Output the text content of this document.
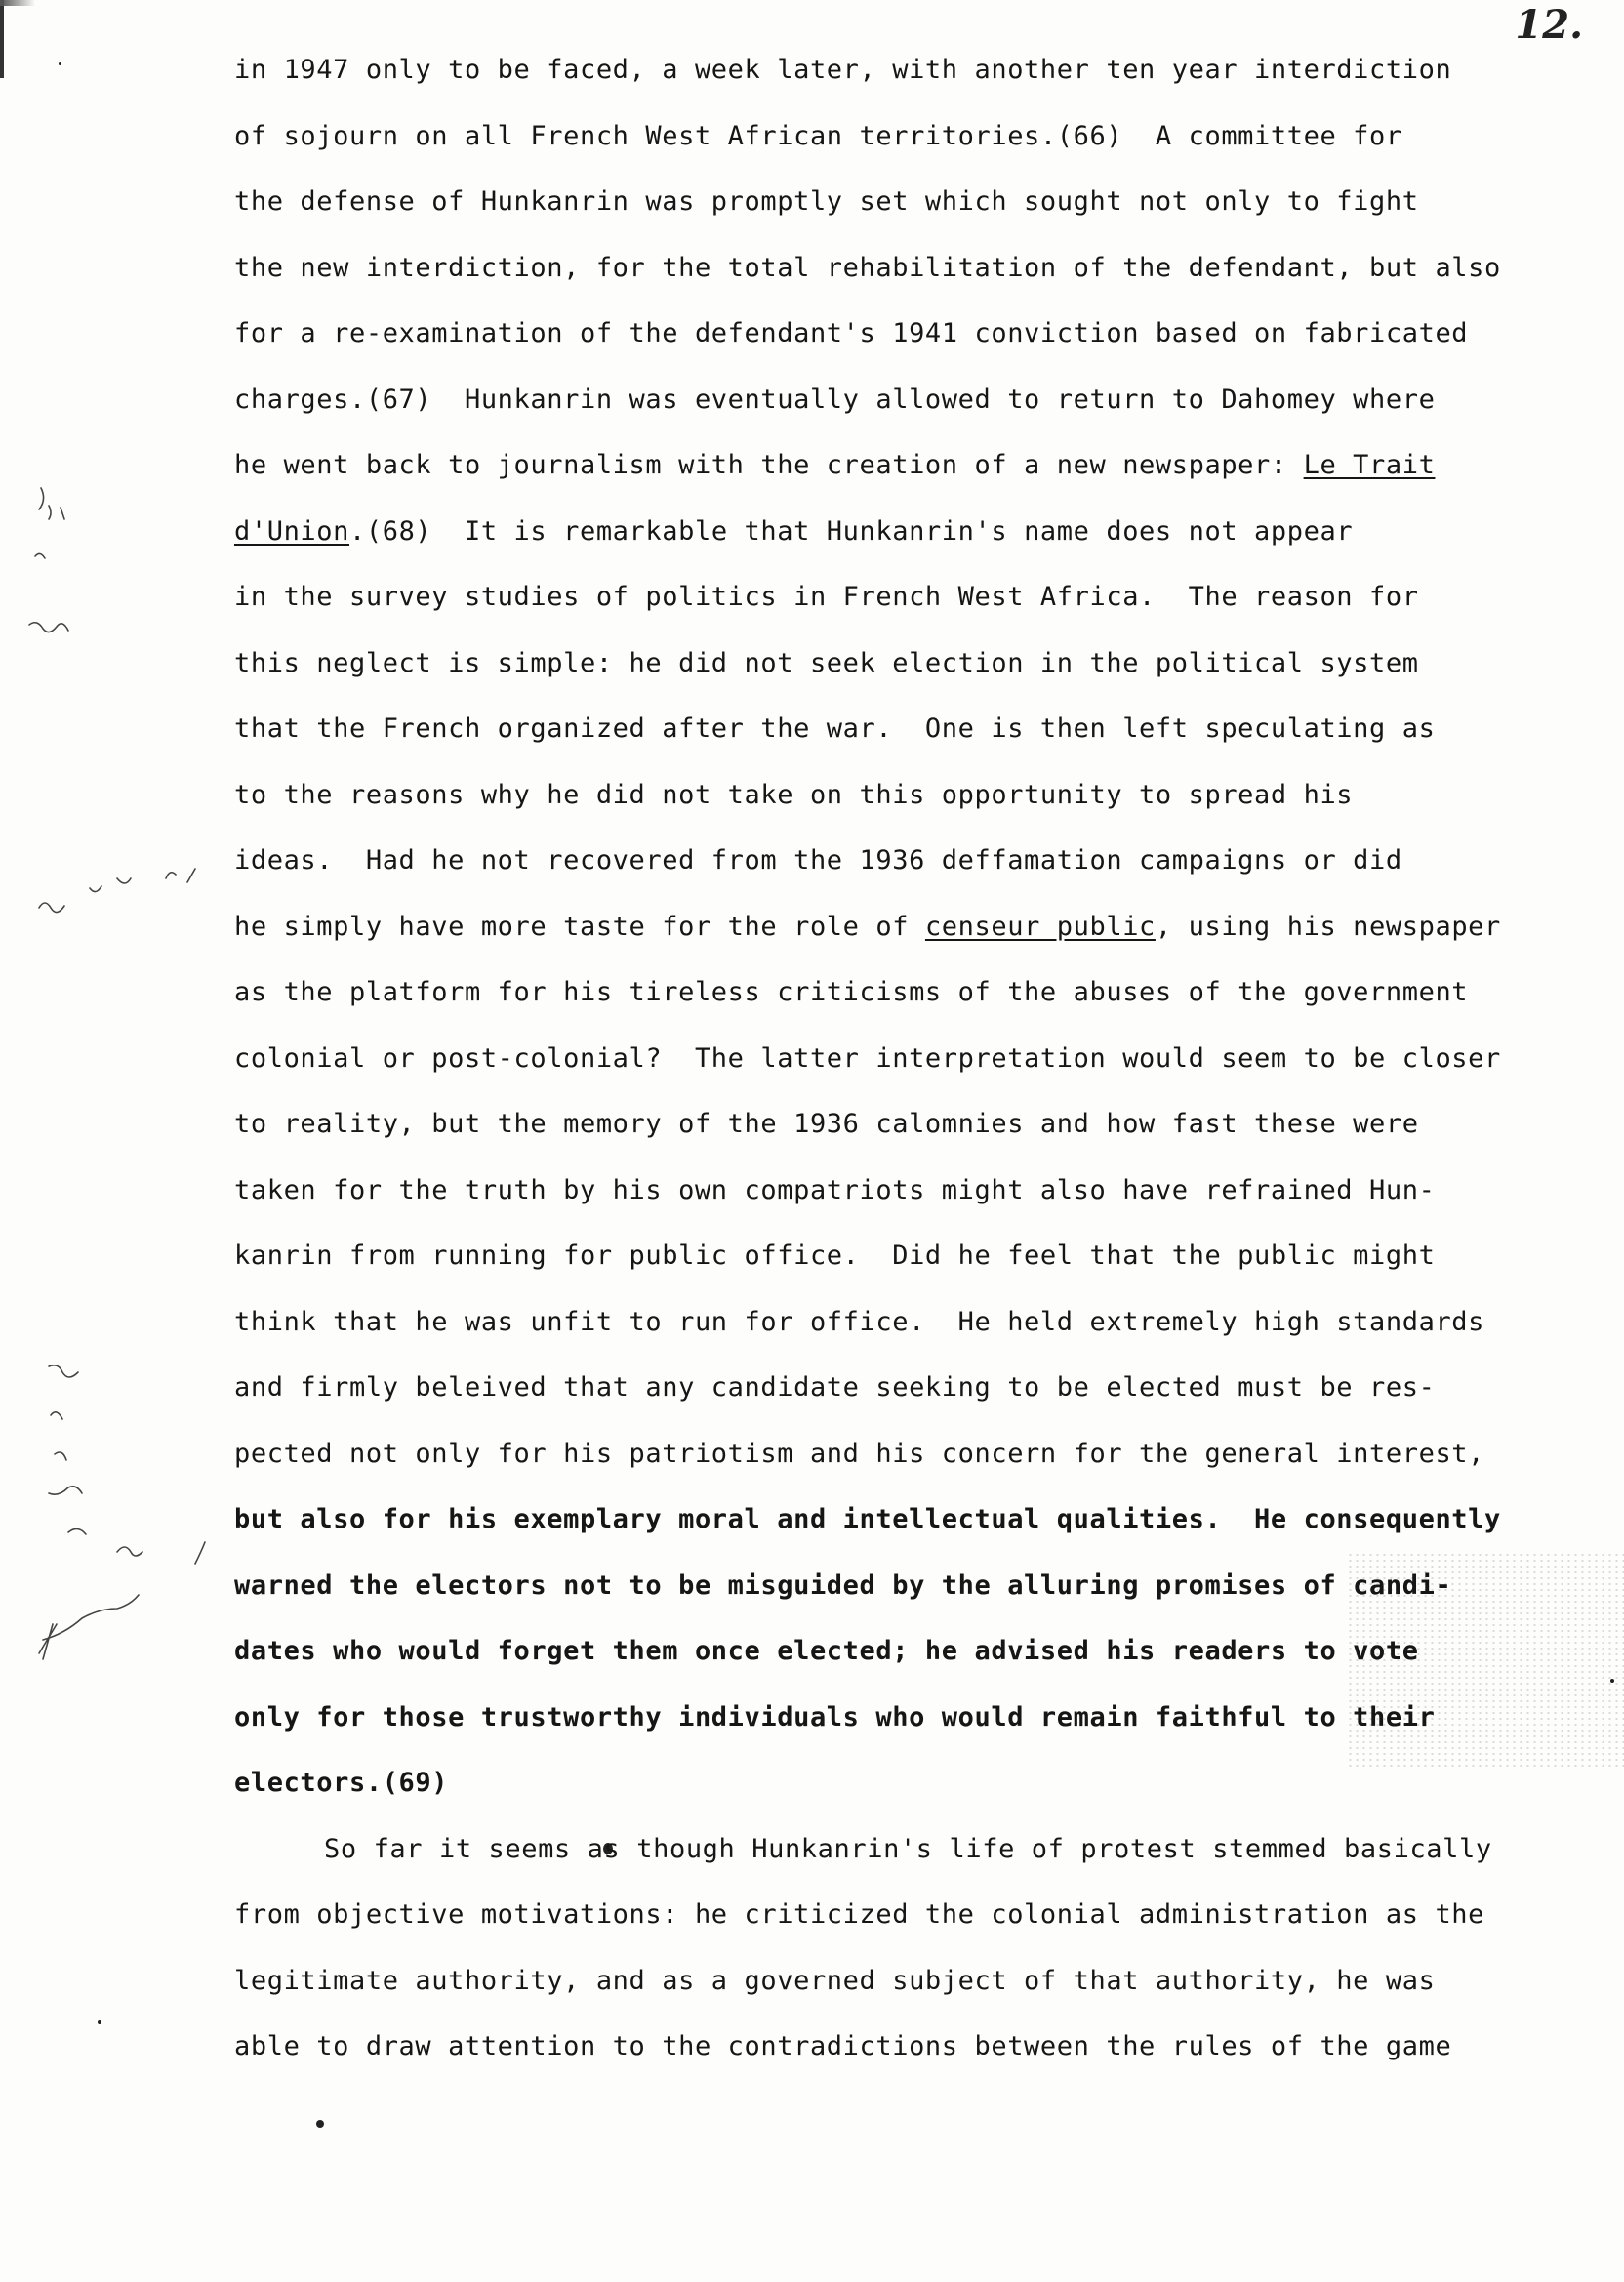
12.
in 1947 only to be faced, a week later, with another ten year interdiction
of sojourn on all French West African territories.(66)  A committee for
the defense of Hunkanrin was promptly set which sought not only to fight
the new interdiction, for the total rehabilitation of the defendant, but also
for a re-examination of the defendant's 1941 conviction based on fabricated
charges.(67)  Hunkanrin was eventually allowed to return to Dahomey where
he went back to journalism with the creation of a new newspaper: Le Trait
d'Union.(68)  It is remarkable that Hunkanrin's name does not appear
in the survey studies of politics in French West Africa.  The reason for
this neglect is simple: he did not seek election in the political system
that the French organized after the war.  One is then left speculating as
to the reasons why he did not take on this opportunity to spread his
ideas.  Had he not recovered from the 1936 deffamation campaigns or did
he simply have more taste for the role of censeur public, using his newspaper
as the platform for his tireless criticisms of the abuses of the government
colonial or post-colonial?  The latter interpretation would seem to be closer
to reality, but the memory of the 1936 calomnies and how fast these were
taken for the truth by his own compatriots might also have refrained Hun-
kanrin from running for public office.  Did he feel that the public might
think that he was unfit to run for office.  He held extremely high standards
and firmly beleived that any candidate seeking to be elected must be res-
pected not only for his patriotism and his concern for the general interest,
but also for his exemplary moral and intellectual qualities.  He consequently
warned the electors not to be misguided by the alluring promises of candi-
dates who would forget them once elected; he advised his readers to vote
only for those trustworthy individuals who would remain faithful to their
electors.(69)
So far it seems as though Hunkanrin's life of protest stemmed basically
from objective motivations: he criticized the colonial administration as the
legitimate authority, and as a governed subject of that authority, he was
able to draw attention to the contradictions between the rules of the game
